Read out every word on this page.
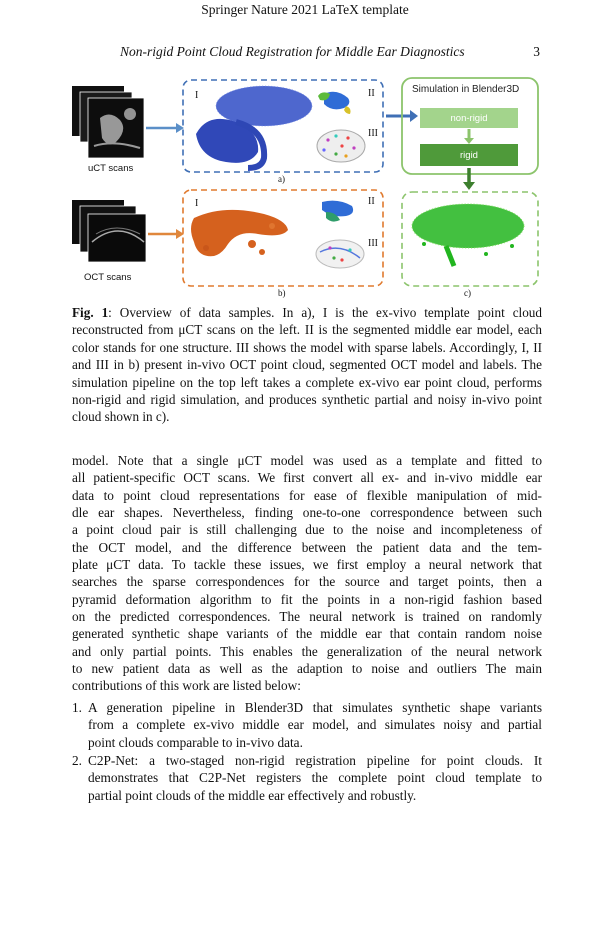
Springer Nature 2021 LaTeX template
Non-rigid Point Cloud Registration for Middle Ear Diagnostics	3
uCT scans
OCT scans
I	II
III
a)
I	II
III
b)
Simulation in Blender3D
non-rigid
rigid
c)
Fig. 1: Overview of data samples. In a), I is the ex-vivo template point cloud reconstructed from μCT scans on the left. II is the segmented middle ear model, each color stands for one structure. III shows the model with sparse labels. Accordingly, I, II and III in b) present in-vivo OCT point cloud, segmented OCT model and labels. The simulation pipeline on the top left takes a complete ex-vivo ear point cloud, performs non-rigid and rigid simulation, and produces synthetic partial and noisy in-vivo point cloud shown in c).
model. Note that a single μCT model was used as a template and fitted to
all patient-specific OCT scans. We first convert all ex- and in-vivo middle ear
data to point cloud representations for ease of flexible manipulation of mid-
dle ear shapes. Nevertheless, finding one-to-one correspondence between such
a point cloud pair is still challenging due to the noise and incompleteness of
the OCT model, and the difference between the patient data and the tem-
plate μCT data. To tackle these issues, we first employ a neural network that
searches the sparse correspondences for the source and target points, then a
pyramid deformation algorithm to fit the points in a non-rigid fashion based
on the predicted correspondences. The neural network is trained on randomly
generated synthetic shape variants of the middle ear that contain random noise
and only partial points. This enables the generalization of the neural network
to new patient data as well as the adaption to noise and outliers The main
contributions of this work are listed below:
1. A generation pipeline in Blender3D that simulates synthetic shape variants
from a complete ex-vivo middle ear model, and simulates noisy and partial
point clouds comparable to in-vivo data.
2. C2P-Net: a two-staged non-rigid registration pipeline for point clouds. It
demonstrates that C2P-Net registers the complete point cloud template to
partial point clouds of the middle ear effectively and robustly.
